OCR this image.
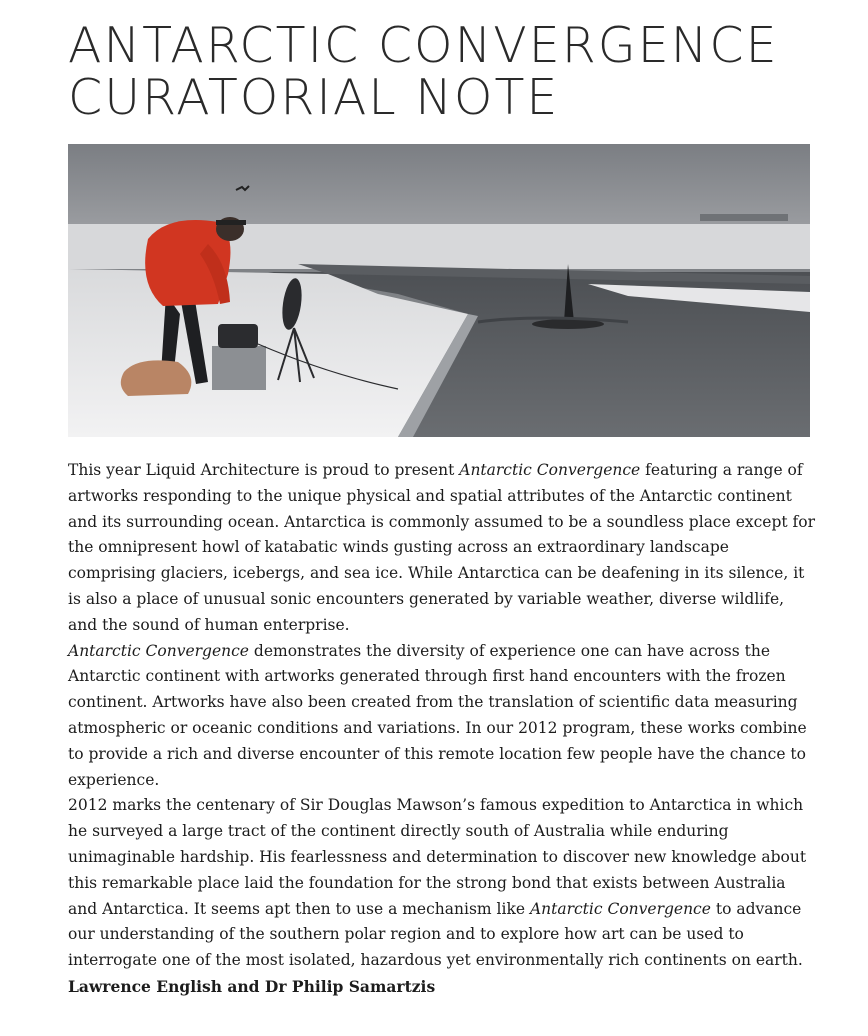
ANTARCTIC CONVERGENCE
CURATORIAL NOTE

This year Liquid Architecture is proud to present Antarctic Convergence featuring a range of artworks responding to the unique physical and spatial attributes of the Antarctic continent and its surrounding ocean. Antarctica is commonly assumed to be a soundless place except for the omnipresent howl of katabatic winds gusting across an extraordinary landscape comprising glaciers, icebergs, and sea ice. While Antarctica can be deafening in its silence, it is also a place of unusual sonic encounters generated by variable weather, diverse wildlife, and the sound of human enterprise.

Antarctic Convergence demonstrates the diversity of experience one can have across the Antarctic continent with artworks generated through first hand encounters with the frozen continent. Artworks have also been created from the translation of scientific data measuring atmospheric or oceanic conditions and variations. In our 2012 program, these works combine to provide a rich and diverse encounter of this remote location few people have the chance to experience.

2012 marks the centenary of Sir Douglas Mawson’s famous expedition to Antarctica in which he surveyed a large tract of the continent directly south of Australia while enduring unimaginable hardship. His fearlessness and determination to discover new knowledge about this remarkable place laid the foundation for the strong bond that exists between Australia and Antarctica. It seems apt then to use a mechanism like Antarctic Convergence to advance our understanding of the southern polar region and to explore how art can be used to interrogate one of the most isolated, hazardous yet environmentally rich continents on earth.

Lawrence English and Dr Philip Samartzis
